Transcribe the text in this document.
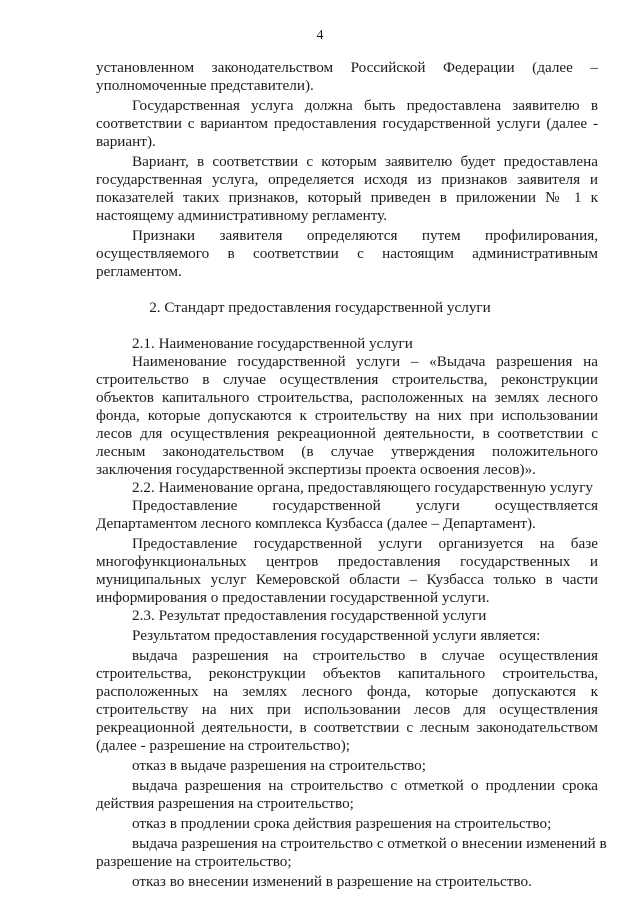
4
установленном законодательством Российской Федерации (далее –
уполномоченные представители).
Государственная услуга должна быть предоставлена заявителю в
соответствии с вариантом предоставления государственной услуги (далее -
вариант).
Вариант, в соответствии с которым заявителю будет предоставлена
государственная услуга, определяется исходя из признаков заявителя и
показателей таких признаков, который приведен в приложении № 1 к
настоящему административному регламенту.
Признаки заявителя определяются путем профилирования,
осуществляемого в соответствии с настоящим административным
регламентом.
2. Стандарт предоставления государственной услуги
2.1. Наименование государственной услуги
Наименование государственной услуги – «Выдача разрешения на
строительство в случае осуществления строительства, реконструкции
объектов капитального строительства, расположенных на землях лесного
фонда, которые допускаются к строительству на них при использовании
лесов для осуществления рекреационной деятельности, в соответствии с
лесным законодательством (в случае утверждения положительного
заключения государственной экспертизы проекта освоения лесов)».
2.2. Наименование органа, предоставляющего государственную услугу
Предоставление государственной услуги осуществляется
Департаментом лесного комплекса Кузбасса (далее – Департамент).
Предоставление государственной услуги организуется на базе
многофункциональных центров предоставления государственных и
муниципальных услуг Кемеровской области – Кузбасса только в части
информирования о предоставлении государственной услуги.
2.3. Результат предоставления государственной услуги
Результатом предоставления государственной услуги является:
выдача разрешения на строительство в случае осуществления
строительства, реконструкции объектов капитального строительства,
расположенных на землях лесного фонда, которые допускаются к
строительству на них при использовании лесов для осуществления
рекреационной деятельности, в соответствии с лесным законодательством
(далее - разрешение на строительство);
отказ в выдаче разрешения на строительство;
выдача разрешения на строительство с отметкой о продлении срока
действия разрешения на строительство;
отказ в продлении срока действия разрешения на строительство;
выдача разрешения на строительство с отметкой о внесении изменений в
разрешение на строительство;
отказ во внесении изменений в разрешение на строительство.
